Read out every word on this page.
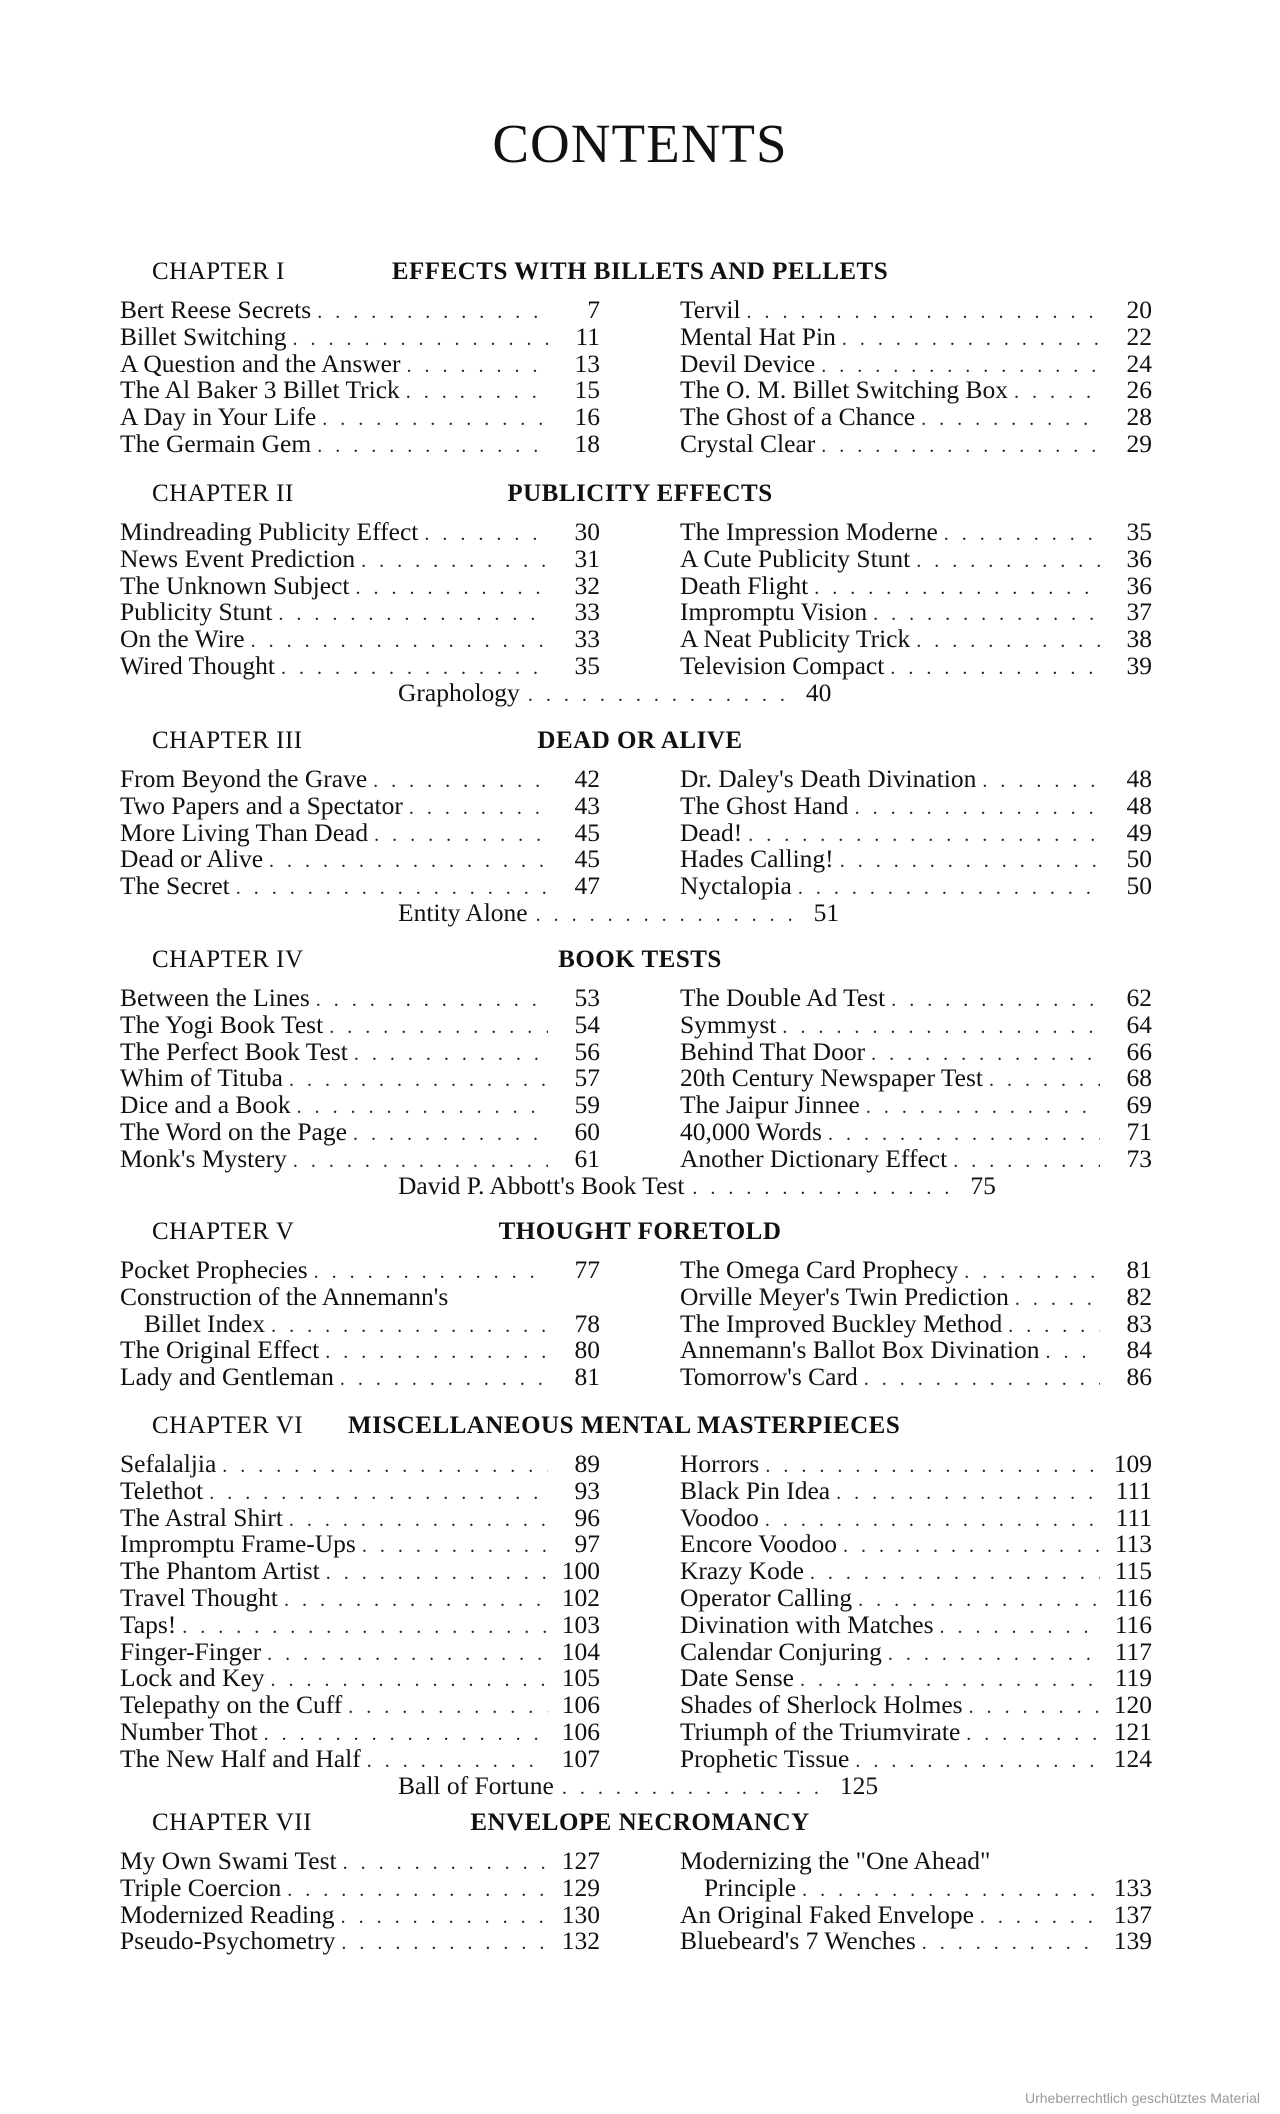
CONTENTS
CHAPTER I	EFFECTS WITH BILLETS AND PELLETS
Bert Reese Secrets . . .	7
Billet Switching . . .	11
A Question and the Answer . . .	13
The Al Baker 3 Billet Trick . . .	15
A Day in Your Life . . .	16
The Germain Gem . . .	18
Tervil . . .	20
Mental Hat Pin . . .	22
Devil Device . . .	24
The O. M. Billet Switching Box . . .	26
The Ghost of a Chance . . .	28
Crystal Clear . . .	29
CHAPTER II	PUBLICITY EFFECTS
Mindreading Publicity Effect . . .	30
News Event Prediction . . .	31
The Unknown Subject . . .	32
Publicity Stunt . . .	33
On the Wire . . .	33
Wired Thought . . .	35
The Impression Moderne . . .	35
A Cute Publicity Stunt . . .	36
Death Flight . . .	36
Impromptu Vision . . .	37
A Neat Publicity Trick . . .	38
Television Compact . . .	39
Graphology . . .	40
CHAPTER III	DEAD OR ALIVE
From Beyond the Grave . . .	42
Two Papers and a Spectator . . .	43
More Living Than Dead . . .	45
Dead or Alive . . .	45
The Secret . . .	47
Dr. Daley's Death Divination . . .	48
The Ghost Hand . . .	48
Dead! . . .	49
Hades Calling! . . .	50
Nyctalopia . . .	50
Entity Alone . . .	51
CHAPTER IV	BOOK TESTS
Between the Lines . . .	53
The Yogi Book Test . . .	54
The Perfect Book Test . . .	56
Whim of Tituba . . .	57
Dice and a Book . . .	59
The Word on the Page . . .	60
Monk's Mystery . . .	61
The Double Ad Test . . .	62
Symmyst . . .	64
Behind That Door . . .	66
20th Century Newspaper Test . . .	68
The Jaipur Jinnee . . .	69
40,000 Words . . .	71
Another Dictionary Effect . . .	73
David P. Abbott's Book Test . . .	75
CHAPTER V	THOUGHT FORETOLD
Pocket Prophecies . . .	77
Construction of the Annemann's
Billet Index . . .	78
The Original Effect . . .	80
Lady and Gentleman . . .	81
The Omega Card Prophecy . . .	81
Orville Meyer's Twin Prediction . . .	82
The Improved Buckley Method . . .	83
Annemann's Ballot Box Divination . . .	84
Tomorrow's Card . . .	86
CHAPTER VI MISCELLANEOUS MENTAL MASTERPIECES
Sefalaljia . . .	89
Telethot . . .	93
The Astral Shirt . . .	96
Impromptu Frame-Ups . . .	97
The Phantom Artist . . .	100
Travel Thought . . .	102
Taps! . . .	103
Finger-Finger . . .	104
Lock and Key . . .	105
Telepathy on the Cuff . . .	106
Number Thot . . .	106
The New Half and Half . . .	107
Horrors . . .	109
Black Pin Idea . . .	111
Voodoo . . .	111
Encore Voodoo . . .	113
Krazy Kode . . .	115
Operator Calling . . .	116
Divination with Matches . . .	116
Calendar Conjuring . . .	117
Date Sense . . .	119
Shades of Sherlock Holmes . . .	120
Triumph of the Triumvirate . . .	121
Prophetic Tissue . . .	124
Ball of Fortune . . .	125
CHAPTER VII	ENVELOPE NECROMANCY
My Own Swami Test . . .	127
Triple Coercion . . .	129
Modernized Reading . . .	130
Pseudo-Psychometry . . .	132
Modernizing the "One Ahead"
Principle . . .	133
An Original Faked Envelope . . .	137
Bluebeard's 7 Wenches . . .	139
Urheberrechtlich geschütztes Material
